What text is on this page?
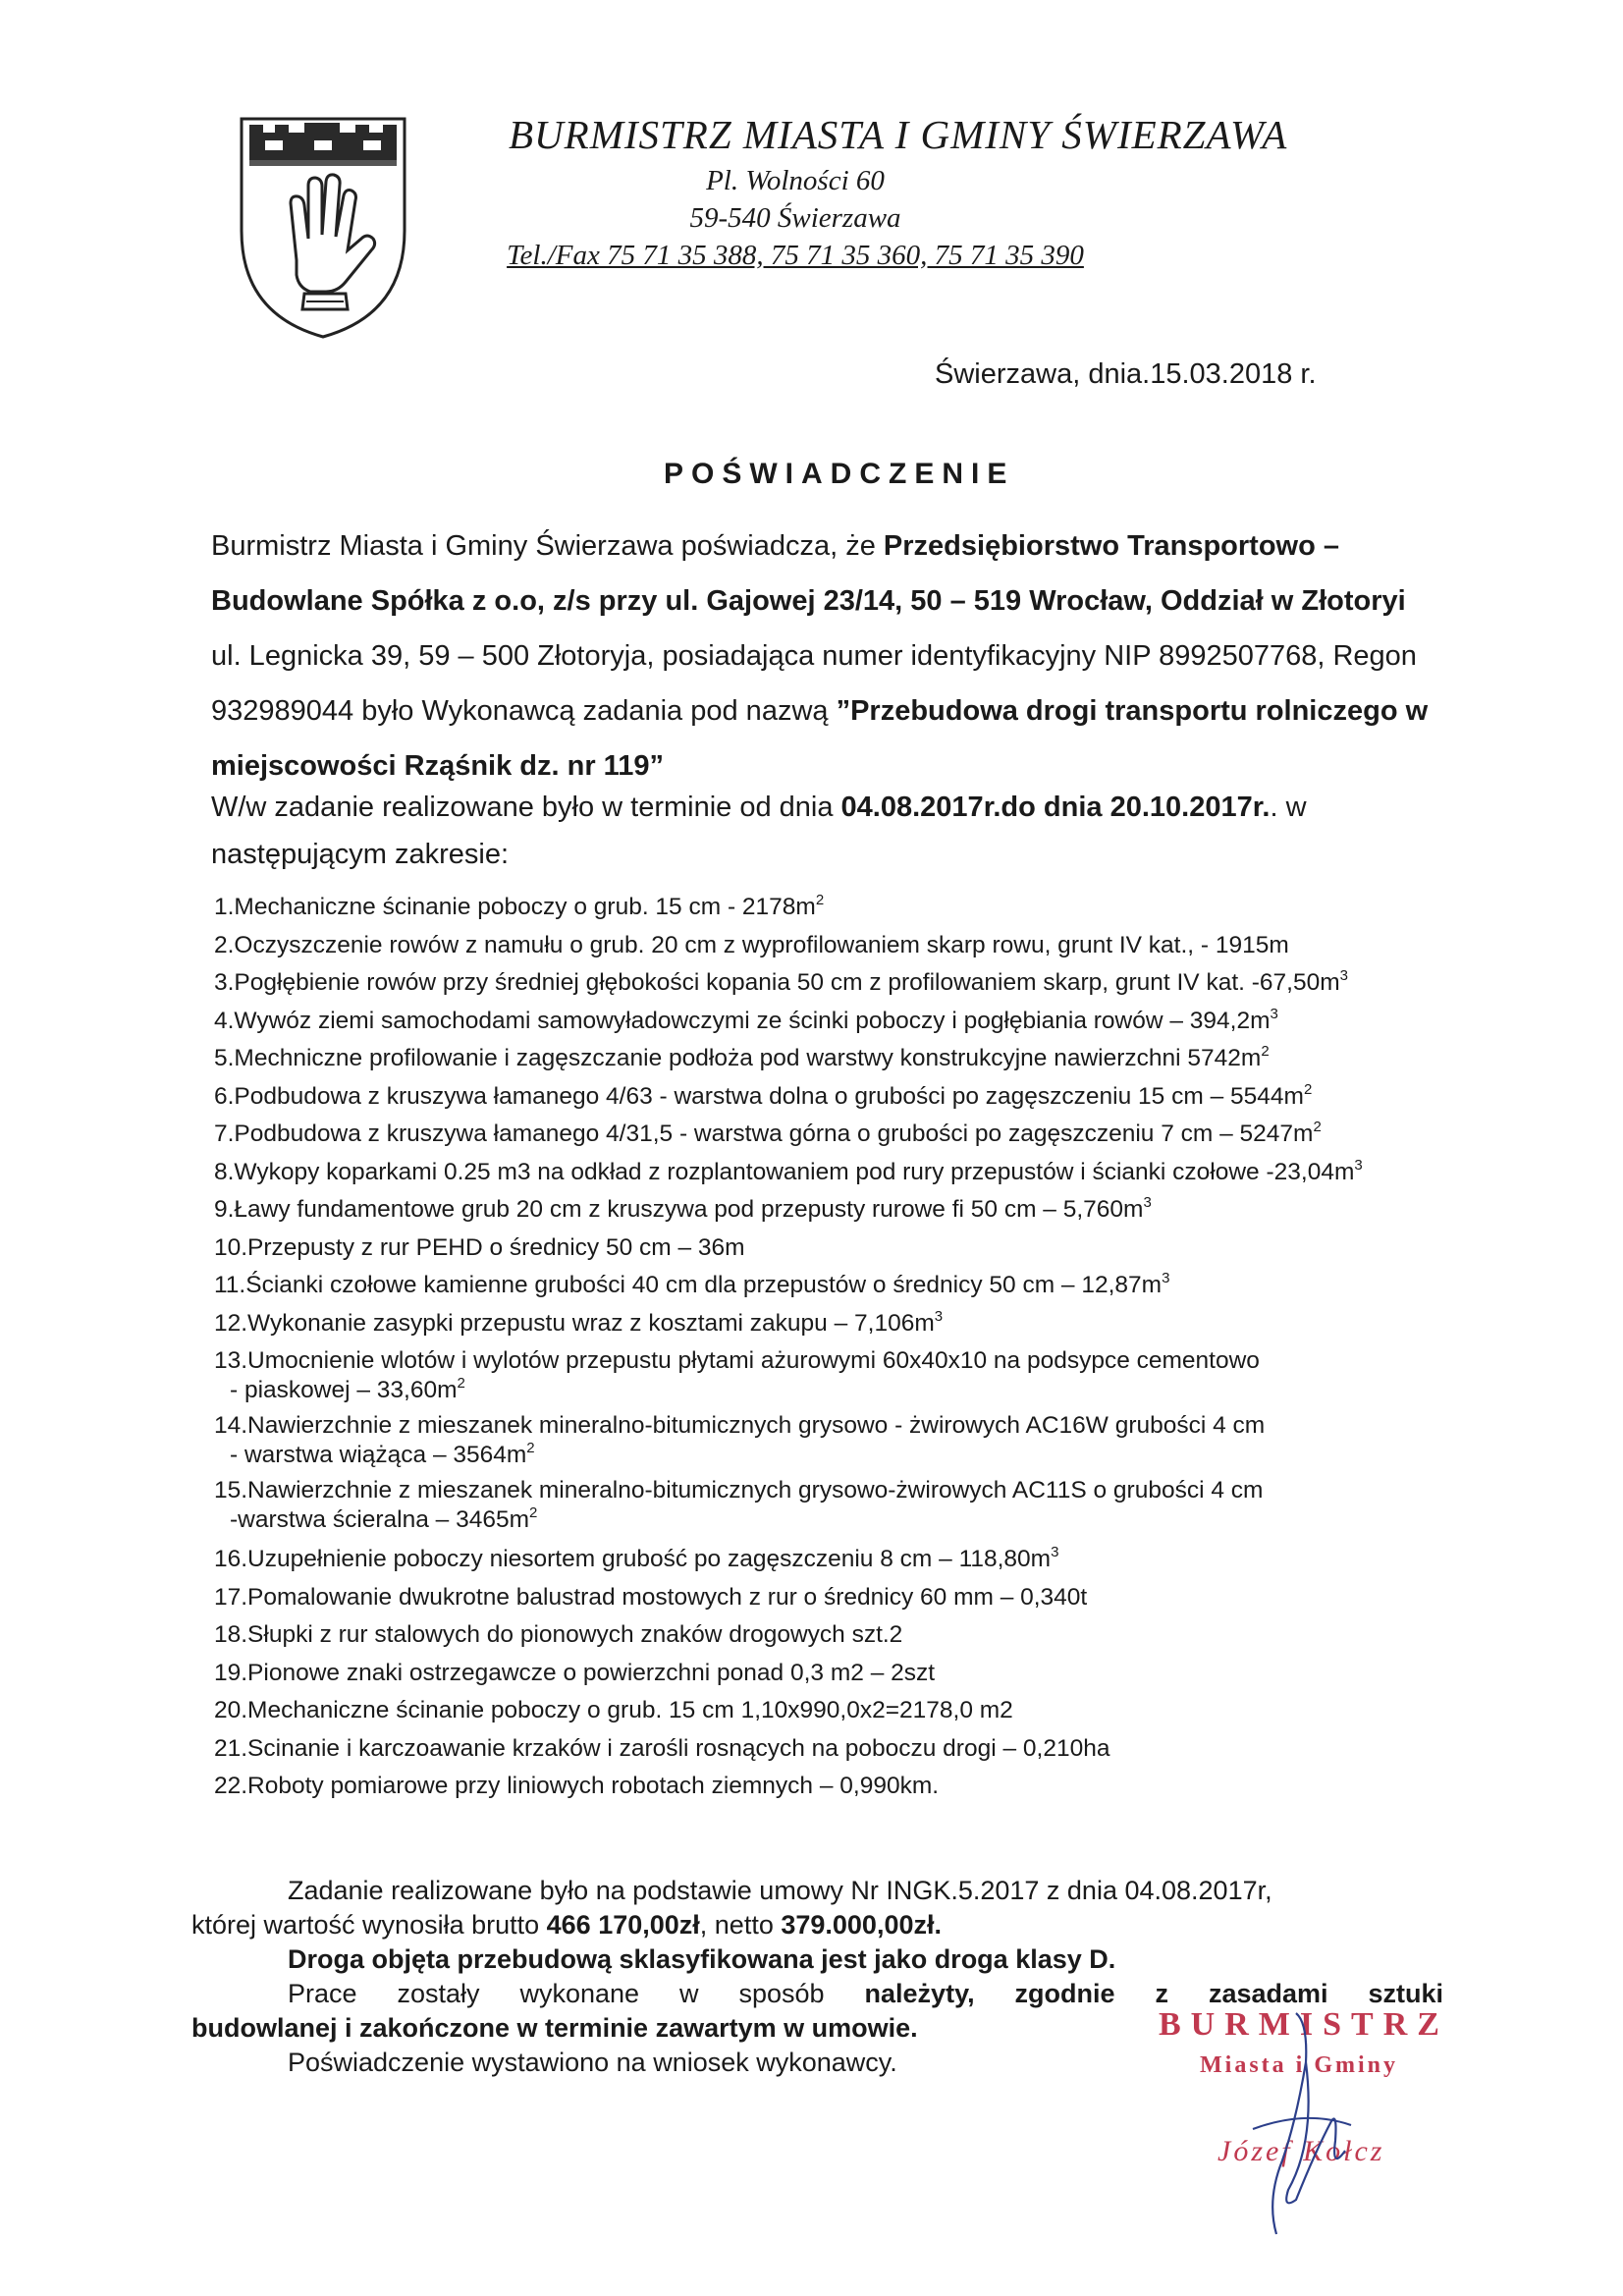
BURMISTRZ MIASTA I GMINY ŚWIERZAWA
Pl. Wolności 60
59-540 Świerzawa
Tel./Fax 75 71 35 388, 75 71 35 360, 75 71 35 390
Świerzawa, dnia.15.03.2018 r.
POŚWIADCZENIE
Burmistrz Miasta i Gminy Świerzawa poświadcza, że Przedsiębiorstwo Transportowo – Budowlane Spółka z o.o, z/s przy ul. Gajowej 23/14, 50 – 519 Wrocław, Oddział w Złotoryi ul. Legnicka 39, 59 – 500 Złotoryja, posiadająca numer identyfikacyjny NIP 8992507768, Regon 932989044 było Wykonawcą zadania pod nazwą ”Przebudowa drogi transportu rolniczego w miejscowości Rząśnik dz. nr 119”
W/w zadanie realizowane było w terminie od dnia 04.08.2017r.do dnia 20.10.2017r.. w następującym zakresie:
1.Mechaniczne ścinanie poboczy o grub. 15 cm - $2178m^2$
2.Oczyszczenie rowów z namułu o grub. 20 cm z wyprofilowaniem skarp rowu, grunt IV kat., - 1915m
3.Pogłębienie rowów przy średniej głębokości kopania 50 cm z profilowaniem skarp, grunt IV kat. $-67,50m^3$
4.Wywóz ziemi samochodami samowyładowczymi ze ścinki poboczy i pogłębiania rowów – $394,2m^3$
5.Mechniczne profilowanie i zagęszczanie podłoża pod warstwy konstrukcyjne nawierzchni $5742m^2$
6.Podbudowa z kruszywa łamanego 4/63 - warstwa dolna o grubości po zagęszczeniu 15 cm – $5544m^2$
7.Podbudowa z kruszywa łamanego 4/31,5 - warstwa górna o grubości po zagęszczeniu 7 cm – $5247m^2$
8.Wykopy koparkami 0.25 m3 na odkład z rozplantowaniem pod rury przepustów i ścianki czołowe $-23,04m^3$
9.Ławy fundamentowe grub 20 cm z kruszywa pod przepusty rurowe fi 50 cm – $5,760m^3$
10.Przepusty z rur PEHD o średnicy 50 cm – 36m
11.Ścianki czołowe kamienne grubości 40 cm dla przepustów o średnicy 50 cm – $12,87m^3$
12.Wykonanie zasypki przepustu wraz z kosztami zakupu – $7,106m^3$
13.Umocnienie wlotów i wylotów przepustu płytami ażurowymi 60x40x10 na podsypce cementowo
- piaskowej – $33,60m^2$
14.Nawierzchnie z mieszanek mineralno-bitumicznych grysowo - żwirowych AC16W grubości 4 cm
- warstwa wiążąca – $3564m^2$
15.Nawierzchnie z mieszanek mineralno-bitumicznych grysowo-żwirowych AC11S o grubości 4 cm
-warstwa ścieralna – $3465m^2$
16.Uzupełnienie poboczy niesortem grubość po zagęszczeniu 8 cm – $118,80m^3$
17.Pomalowanie dwukrotne balustrad mostowych z rur o średnicy 60 mm – 0,340t
18.Słupki z rur stalowych do pionowych znaków drogowych szt.2
19.Pionowe znaki ostrzegawcze o powierzchni ponad 0,3 m2 – 2szt
20.Mechaniczne ścinanie poboczy o grub. 15 cm 1,10x990,0x2=2178,0 m2
21.Scinanie i karczoawanie krzaków i zarośli rosnących na poboczu drogi – 0,210ha
22.Roboty pomiarowe przy liniowych robotach ziemnych – 0,990km.

Zadanie realizowane było na podstawie umowy Nr INGK.5.2017 z dnia 04.08.2017r,

której wartość wynosiła brutto 466 170,00zł, netto 379.000,00zł.

Droga objęta przebudową sklasyfikowana jest jako droga klasy D.

Prace zostały wykonane w sposób należyty, zgodnie z zasadami sztuki

budowlanej i zakończone w terminie zawartym w umowie.

Poświadczenie wystawiono na wniosek wykonawcy.

BURMISTRZ
Miasta i Gminy
Józef Kołcz
